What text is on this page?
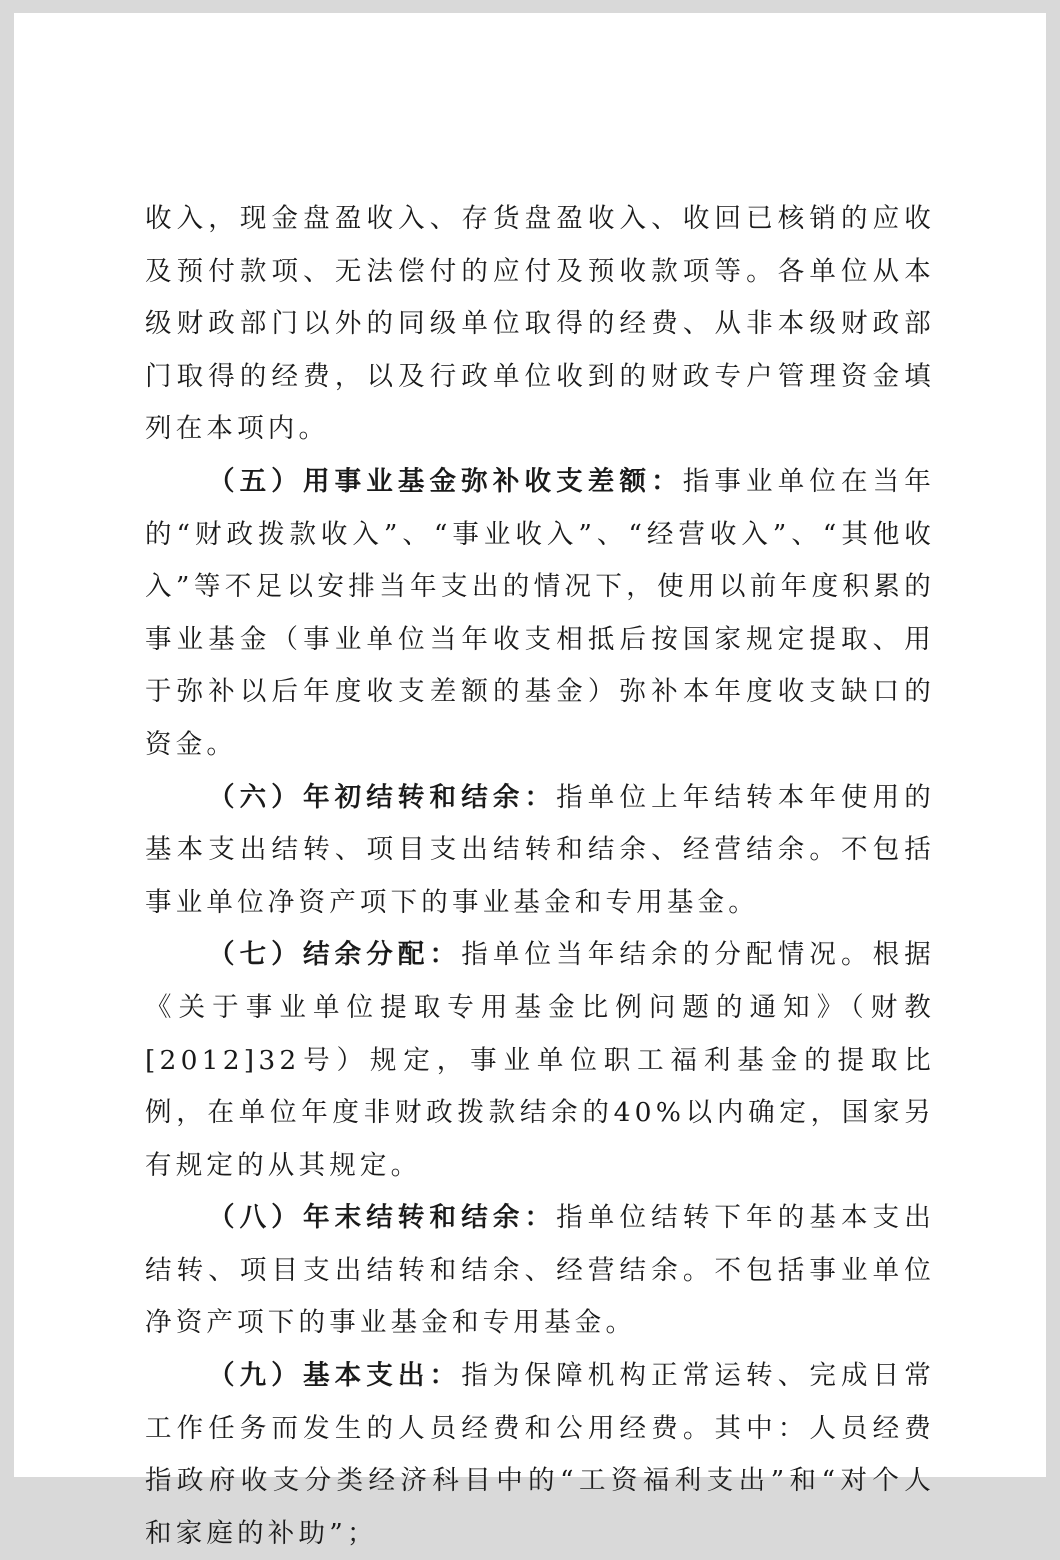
收入，现金盘盈收入、存货盘盈收入、收回已核销的应收及预付款项、无法偿付的应付及预收款项等。各单位从本级财政部门以外的同级单位取得的经费、从非本级财政部门取得的经费，以及行政单位收到的财政专户管理资金填列在本项内。

（五）用事业基金弥补收支差额：指事业单位在当年的“财政拨款收入”、“事业收入”、“经营收入”、“其他收入”等不足以安排当年支出的情况下，使用以前年度积累的事业基金（事业单位当年收支相抵后按国家规定提取、用于弥补以后年度收支差额的基金）弥补本年度收支缺口的资金。

（六）年初结转和结余：指单位上年结转本年使用的基本支出结转、项目支出结转和结余、经营结余。不包括事业单位净资产项下的事业基金和专用基金。

（七）结余分配：指单位当年结余的分配情况。根据《关于事业单位提取专用基金比例问题的通知》（财教[2012]32号）规定，事业单位职工福利基金的提取比例，在单位年度非财政拨款结余的40%以内确定，国家另有规定的从其规定。

（八）年末结转和结余：指单位结转下年的基本支出结转、项目支出结转和结余、经营结余。不包括事业单位净资产项下的事业基金和专用基金。

（九）基本支出：指为保障机构正常运转、完成日常工作任务而发生的人员经费和公用经费。其中：人员经费指政府收支分类经济科目中的“工资福利支出”和“对个人和家庭的补助”；
